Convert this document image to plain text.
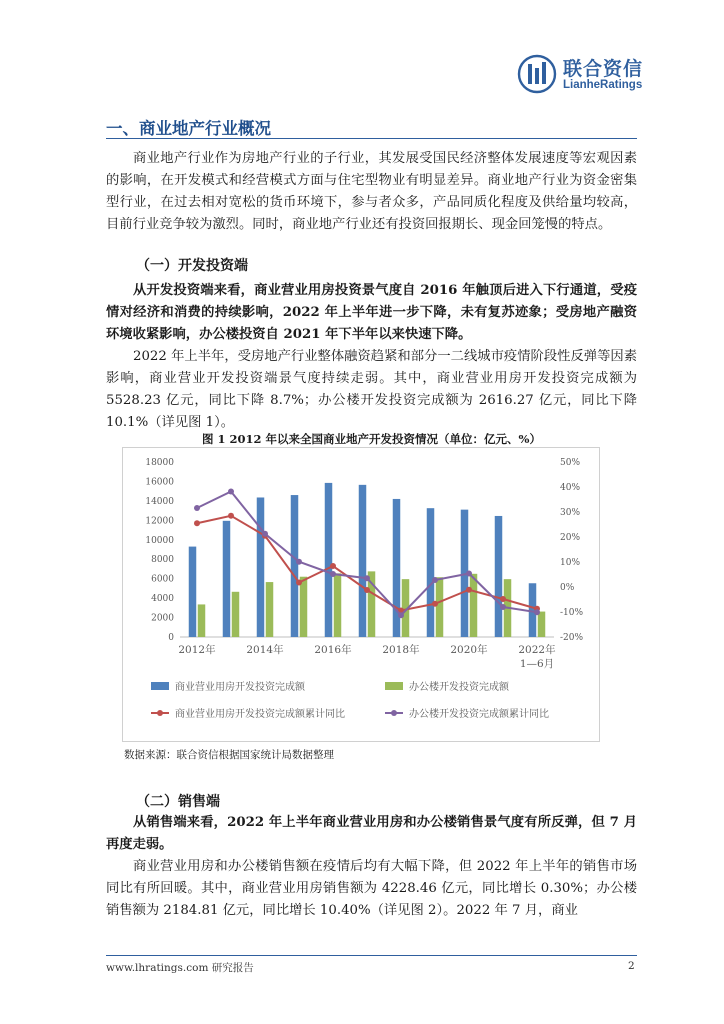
联合资信
LianheRatings
一、商业地产行业概况

商业地产行业作为房地产行业的子行业，其发展受国民经济整体发展速度等宏观因素的影响，在开发模式和经营模式方面与住宅型物业有明显差异。商业地产行业为资金密集型行业，在过去相对宽松的货币环境下，参与者众多，产品同质化程度及供给量均较高，目前行业竞争较为激烈。同时，商业地产行业还有投资回报期长、现金回笼慢的特点。

（一）开发投资端

从开发投资端来看，商业营业用房投资景气度自 2016 年触顶后进入下行通道，受疫情对经济和消费的持续影响，2022 年上半年进一步下降，未有复苏迹象；受房地产融资环境收紧影响，办公楼投资自 2021 年下半年以来快速下降。

2022 年上半年，受房地产行业整体融资趋紧和部分一二线城市疫情阶段性反弹等因素影响，商业营业开发投资端景气度持续走弱。其中，商业营业用房开发投资完成额为 5528.23 亿元，同比下降 8.7%；办公楼开发投资完成额为 2616.27 亿元，同比下降 10.1%（详见图 1）。

图 1 2012 年以来全国商业地产开发投资情况（单位：亿元、%）
0
2000
4000
6000
8000
10000
12000
14000
16000
18000
-20%
-10%
0%
10%
20%
30%
40%
50%
2012年	2014年	2016年	2018年	2020年	2022年
1—6月
商业营业用房开发投资完成额	办公楼开发投资完成额
商业营业用房开发投资完成额累计同比	办公楼开发投资完成额累计同比
数据来源：联合资信根据国家统计局数据整理
（二）销售端

从销售端来看，2022 年上半年商业营业用房和办公楼销售景气度有所反弹，但 7 月再度走弱。

商业营业用房和办公楼销售额在疫情后均有大幅下降，但 2022 年上半年的销售市场同比有所回暖。其中，商业营业用房销售额为 4228.46 亿元，同比增长 0.30%；办公楼销售额为 2184.81 亿元，同比增长 10.40%（详见图 2）。2022 年 7 月，商业

www.lhratings.com 研究报告	2
